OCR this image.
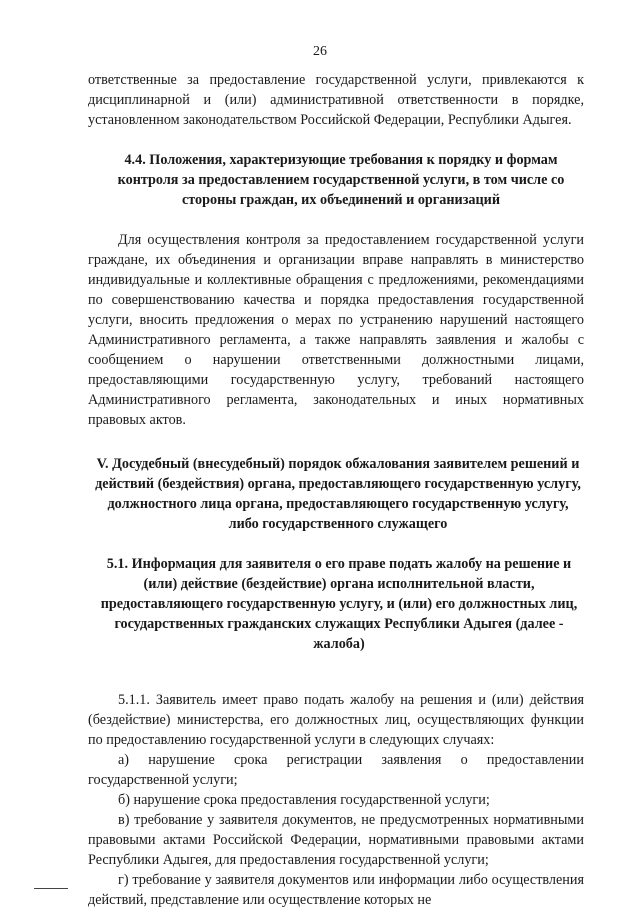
26

ответственные за предоставление государственной услуги, привлекаются к дисциплинарной и (или) административной ответственности в порядке, установленном законодательством Российской Федерации, Республики Адыгея.

4.4. Положения, характеризующие требования к порядку и формам контроля за предоставлением государственной услуги, в том числе со стороны граждан, их объединений и организаций

Для осуществления контроля за предоставлением государственной услуги граждане, их объединения и организации вправе направлять в министерство индивидуальные и коллективные обращения с предложениями, рекомендациями по совершенствованию качества и порядка предоставления государственной услуги, вносить предложения о мерах по устранению нарушений настоящего Административного регламента, а также направлять заявления и жалобы с сообщением о нарушении ответственными должностными лицами, предоставляющими государственную услугу, требований настоящего Административного регламента, законодательных и иных нормативных правовых актов.

V. Досудебный (внесудебный) порядок обжалования заявителем решений и действий (бездействия) органа, предоставляющего государственную услугу, должностного лица органа, предоставляющего государственную услугу, либо государственного служащего

5.1. Информация для заявителя о его праве подать жалобу на решение и (или) действие (бездействие) органа исполнительной власти, предоставляющего государственную услугу, и (или) его должностных лиц, государственных гражданских служащих Республики Адыгея (далее - жалоба)

5.1.1. Заявитель имеет право подать жалобу на решения и (или) действия (бездействие) министерства, его должностных лиц, осуществляющих функции по предоставлению государственной услуги в следующих случаях:

а) нарушение срока регистрации заявления о предоставлении государственной услуги;

б) нарушение срока предоставления государственной услуги;

в) требование у заявителя документов, не предусмотренных нормативными правовыми актами Российской Федерации, нормативными правовыми актами Республики Адыгея, для предоставления государственной услуги;

г) требование у заявителя документов или информации либо осуществления действий, представление или осуществление которых не
